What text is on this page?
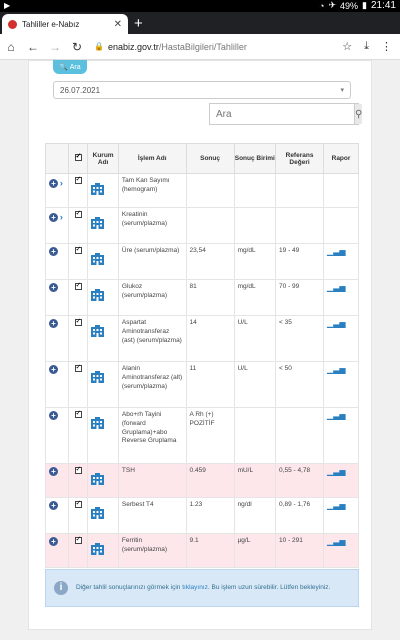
▶	◔ ✈ 49% ▮ 21:41
Tahliller e-Nabız	✕ +
⌂	← → ↻	🔒 enabiz.gov.tr /HastaBilgileri/Tahliller	☆ ⤓ ⋮
🔍 Ara
26.07.2021	▾
Ara
⚲
	✓	Kurum Adı	İşlem Adı	Sonuç	Sonuç Birimi	Referans Değeri	Rapor
+ ›	✓		Tam Kan Sayımı (hemogram)				
+ ›	✓		Kreatinin (serum/plazma)				
+	✓		Üre (serum/plazma)	23,54	mg/dL	19 - 49	▁▃▅
+	✓		Glukoz (serum/plazma)	81	mg/dL	70 - 99	▁▃▅
+	✓		Aspartat Aminotransferaz (ast) (serum/plazma)	14	U/L	< 35	▁▃▅
+	✓		Alanin Aminotransferaz (alt) (serum/plazma)	11	U/L	< 50	▁▃▅
+	✓		Abo+rh Tayini (forward Gruplama)+abo Reverse Gruplama	A Rh (+) POZİTİF			▁▃▅
+	✓		TSH	0.459	mU/L	0,55 - 4,78	▁▃▅
+	✓		Serbest T4	1.23	ng/dl	0,89 - 1,76	▁▃▅
+	✓		Ferritin (serum/plazma)	9.1	µg/L	10 - 291	▁▃▅
i	Diğer tahlil sonuçlarınızı görmek için tıklayınız. Bu işlem uzun sürebilir. Lütfen bekleyiniz.
